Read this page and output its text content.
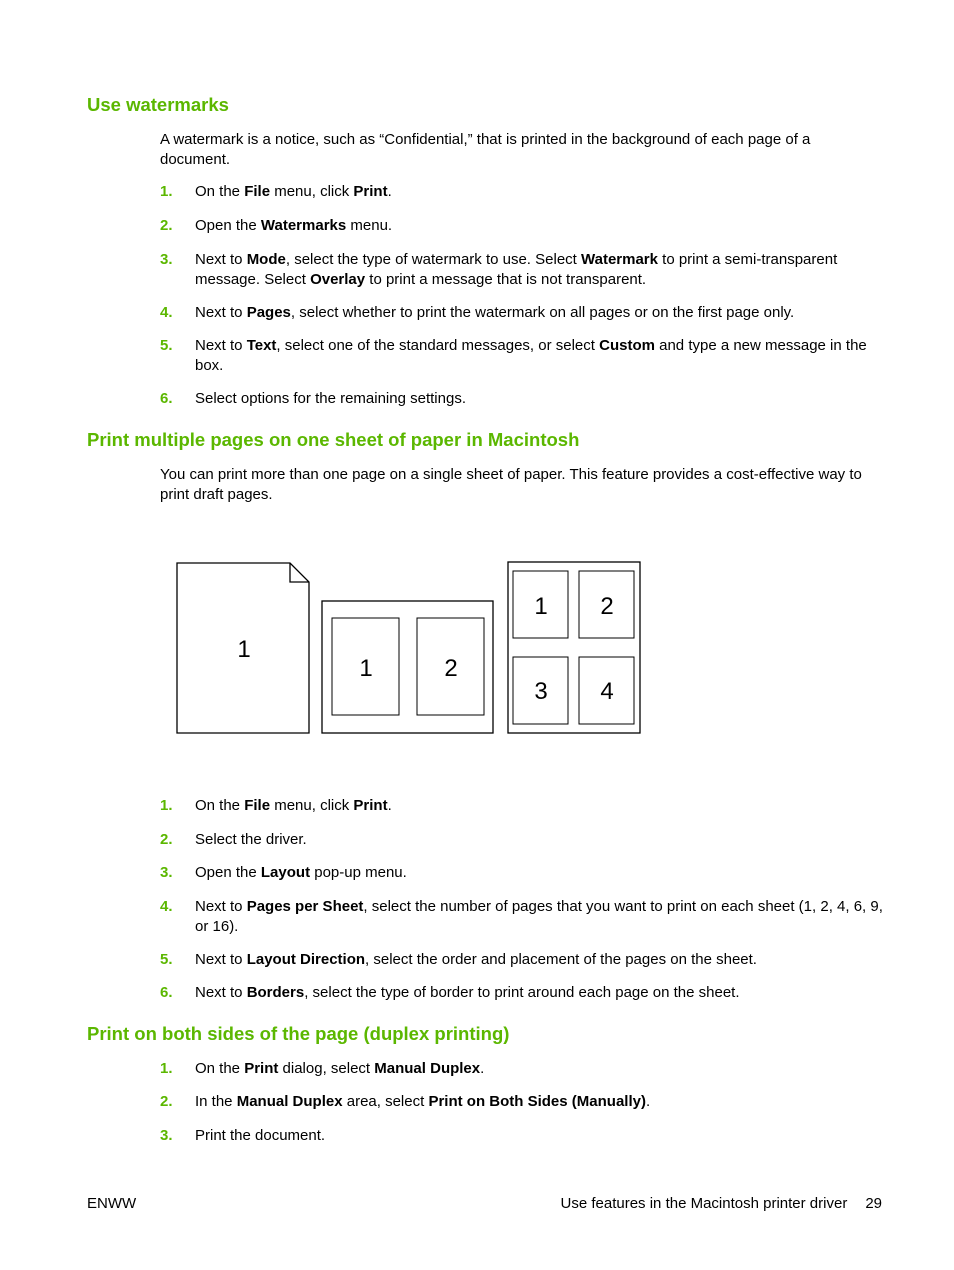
Use watermarks

A watermark is a notice, such as “Confidential,” that is printed in the background of each page of a document.

1. On the File menu, click Print.
2. Open the Watermarks menu.
3. Next to Mode, select the type of watermark to use. Select Watermark to print a semi-transparent message. Select Overlay to print a message that is not transparent.
4. Next to Pages, select whether to print the watermark on all pages or on the first page only.
5. Next to Text, select one of the standard messages, or select Custom and type a new message in the box.
6. Select options for the remaining settings.
Print multiple pages on one sheet of paper in Macintosh

You can print more than one page on a single sheet of paper. This feature provides a cost-effective way to print draft pages.

1
1	2
1 2
3 4
1. On the File menu, click Print.
2. Select the driver.
3. Open the Layout pop-up menu.
4. Next to Pages per Sheet, select the number of pages that you want to print on each sheet (1, 2, 4, 6, 9, or 16).
5. Next to Layout Direction, select the order and placement of the pages on the sheet.
6. Next to Borders, select the type of border to print around each page on the sheet.
Print on both sides of the page (duplex printing)
1. On the Print dialog, select Manual Duplex.
2. In the Manual Duplex area, select Print on Both Sides (Manually).
3. Print the document.
ENWW	Use features in the Macintosh printer driver 29
